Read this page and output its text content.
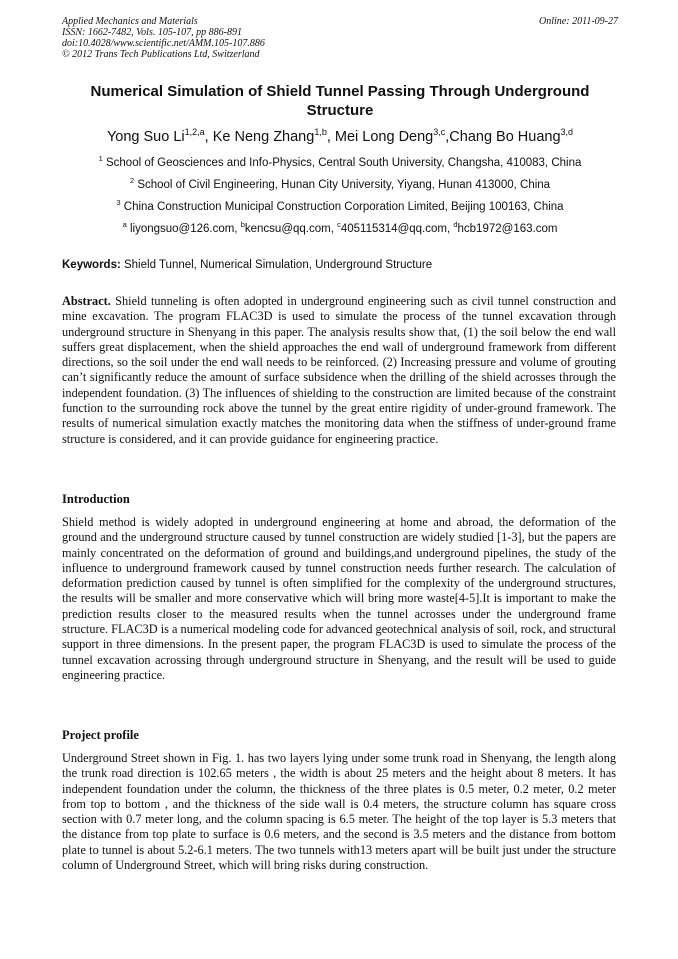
Applied Mechanics and Materials
ISSN: 1662-7482, Vols. 105-107, pp 886-891
doi:10.4028/www.scientific.net/AMM.105-107.886
© 2012 Trans Tech Publications Ltd, Switzerland
Online: 2011-09-27
Numerical Simulation of Shield Tunnel Passing Through Underground Structure
Yong Suo Li$^{1,2,a}$, Ke Neng Zhang$^{1,b}$, Mei Long Deng$^{3,c}$,Chang Bo Huang$^{3,d}$
$^1$ School of Geosciences and Info-Physics, Central South University, Changsha, 410083, China
$^2$ School of Civil Engineering, Hunan City University, Yiyang, Hunan 413000, China
$^3$ China Construction Municipal Construction Corporation Limited, Beijing 100163, China
$^a$ liyongsuo@126.com, $^b$kencsu@qq.com, $^c$405115314@qq.com, $^d$hcb1972@163.com
Keywords: Shield Tunnel, Numerical Simulation, Underground Structure

Abstract. Shield tunneling is often adopted in underground engineering such as civil tunnel construction and mine excavation. The program FLAC3D is used to simulate the process of the tunnel excavation through underground structure in Shenyang in this paper. The analysis results show that, (1) the soil below the end wall suffers great displacement, when the shield approaches the end wall of underground framework from different directions, so the soil under the end wall needs to be reinforced. (2) Increasing pressure and volume of grouting can’t significantly reduce the amount of surface subsidence when the drilling of the shield acrosses through the independent foundation. (3) The influences of shielding to the construction are limited because of the constraint function to the surrounding rock above the tunnel by the great entire rigidity of under-ground framework. The results of numerical simulation exactly matches the monitoring data when the stiffness of under-ground frame structure is considered, and it can provide guidance for engineering practice.

Introduction

Shield method is widely adopted in underground engineering at home and abroad, the deformation of the ground and the underground structure caused by tunnel construction are widely studied [1-3], but the papers are mainly concentrated on the deformation of ground and buildings,and underground pipelines, the study of the influence to underground framework caused by tunnel construction needs further research. The calculation of deformation prediction caused by tunnel is often simplified for the complexity of the underground structures, the results will be smaller and more conservative which will bring more waste[4-5].It is important to make the prediction results closer to the measured results when the tunnel acrosses under the underground frame structure. FLAC3D is a numerical modeling code for advanced geotechnical analysis of soil, rock, and structural support in three dimensions. In the present paper, the program FLAC3D is used to simulate the process of the tunnel excavation acrossing through underground structure in Shenyang, and the result will be used to guide engineering practice.

Project profile

Underground Street shown in Fig. 1. has two layers lying under some trunk road in Shenyang, the length along the trunk road direction is 102.65 meters , the width is about 25 meters and the height about 8 meters. It has independent foundation under the column, the thickness of the three plates is 0.5 meter, 0.2 meter, 0.2 meter from top to bottom , and the thickness of the side wall is 0.4 meters, the structure column has square cross section with 0.7 meter long, and the column spacing is 6.5 meter. The height of the top layer is 5.3 meters that the distance from top plate to surface is 0.6 meters, and the second is 3.5 meters and the distance from bottom plate to tunnel is about 5.2-6.1 meters. The two tunnels with13 meters apart will be built just under the structure column of Underground Street, which will bring risks during construction.
